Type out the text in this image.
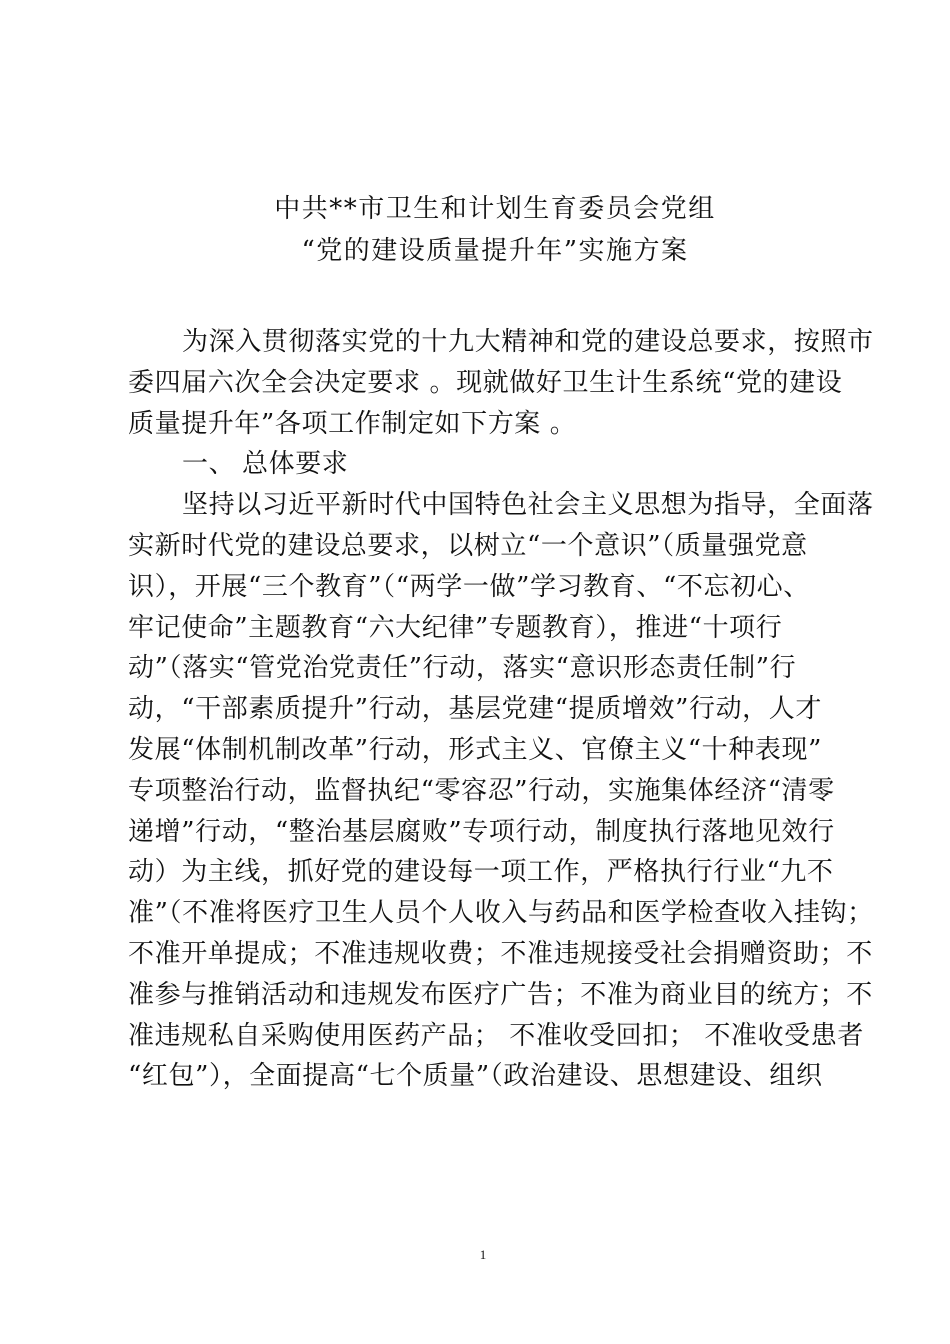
中共**市卫生和计划生育委员会党组
“党的建设质量提升年”实施方案
为深入贯彻落实党的十九大精神和党的建设总要求，按照市
委四届六次全会决定要求 。现就做好卫生计生系统“党的建设
质量提升年”各项工作制定如下方案 。
一、 总体要求
坚持以习近平新时代中国特色社会主义思想为指导，全面落
实新时代党的建设总要求，以树立“一个意识”（质量强党意
识），开展“三个教育”（“两学一做”学习教育、“不忘初心、
牢记使命”主题教育“六大纪律”专题教育），推进“十项行
动”（落实“管党治党责任”行动，落实“意识形态责任制”行
动，“干部素质提升”行动，基层党建“提质增效”行动，人才
发展“体制机制改革”行动，形式主义、官僚主义“十种表现”
专项整治行动，监督执纪“零容忍”行动，实施集体经济“清零
递增”行动，“整治基层腐败”专项行动，制度执行落地见效行
动）为主线，抓好党的建设每一项工作，严格执行行业“九不
准”（不准将医疗卫生人员个人收入与药品和医学检查收入挂钩；
不准开单提成；不准违规收费；不准违规接受社会捐赠资助；不
准参与推销活动和违规发布医疗广告；不准为商业目的统方；不
准违规私自采购使用医药产品； 不准收受回扣； 不准收受患者
“红包”），全面提高“七个质量”（政治建设、思想建设、组织
1
